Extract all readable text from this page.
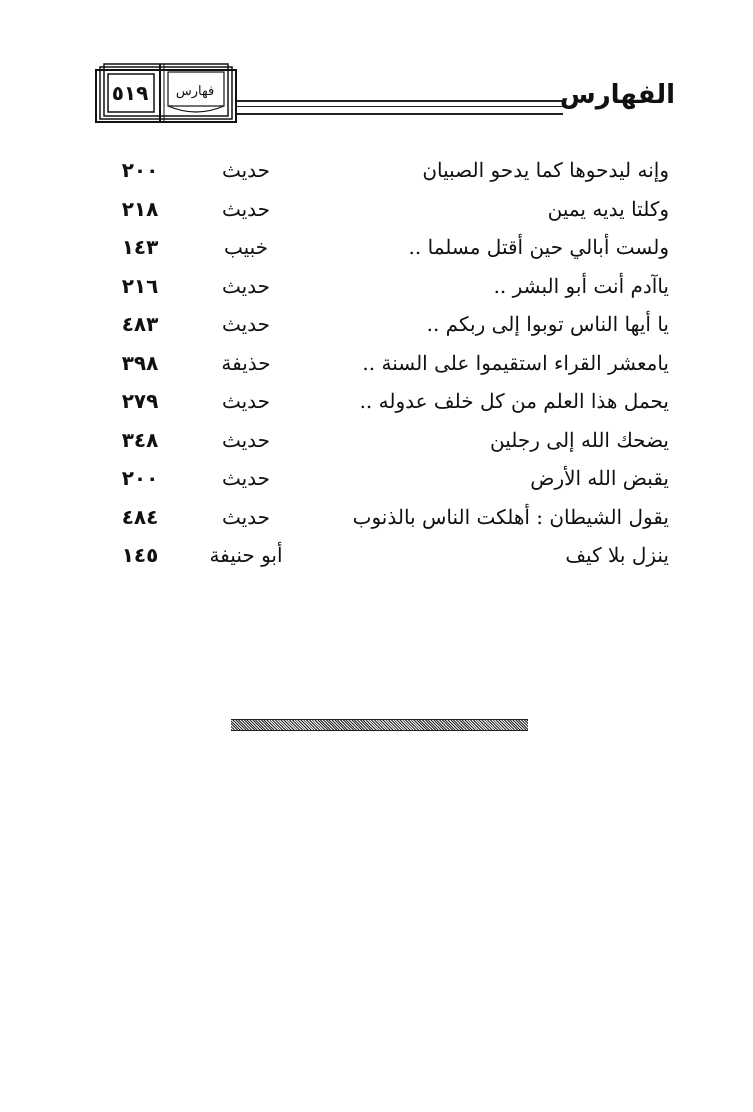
الفهارس
٥١٩	فهارس
وإنه ليدحوها كما يدحو الصبيان
حديث
٢٠٠
وكلتا يديه يمين
حديث
٢١٨
ولست أبالي حين أقتل مسلما ..
خبيب
١٤٣
ياآدم أنت أبو البشر ..
حديث
٢١٦
يا أيها الناس توبوا إلى ربكم ..
حديث
٤٨٣
يامعشر القراء استقيموا على السنة ..
حذيفة
٣٩٨
يحمل هذا العلم من كل خلف عدوله ..
حديث
٢٧٩
يضحك الله إلى رجلين
حديث
٣٤٨
يقبض الله الأرض
حديث
٢٠٠
يقول الشيطان : أهلكت الناس بالذنوب
حديث
٤٨٤
ينزل بلا كيف
أبو حنيفة
١٤٥
